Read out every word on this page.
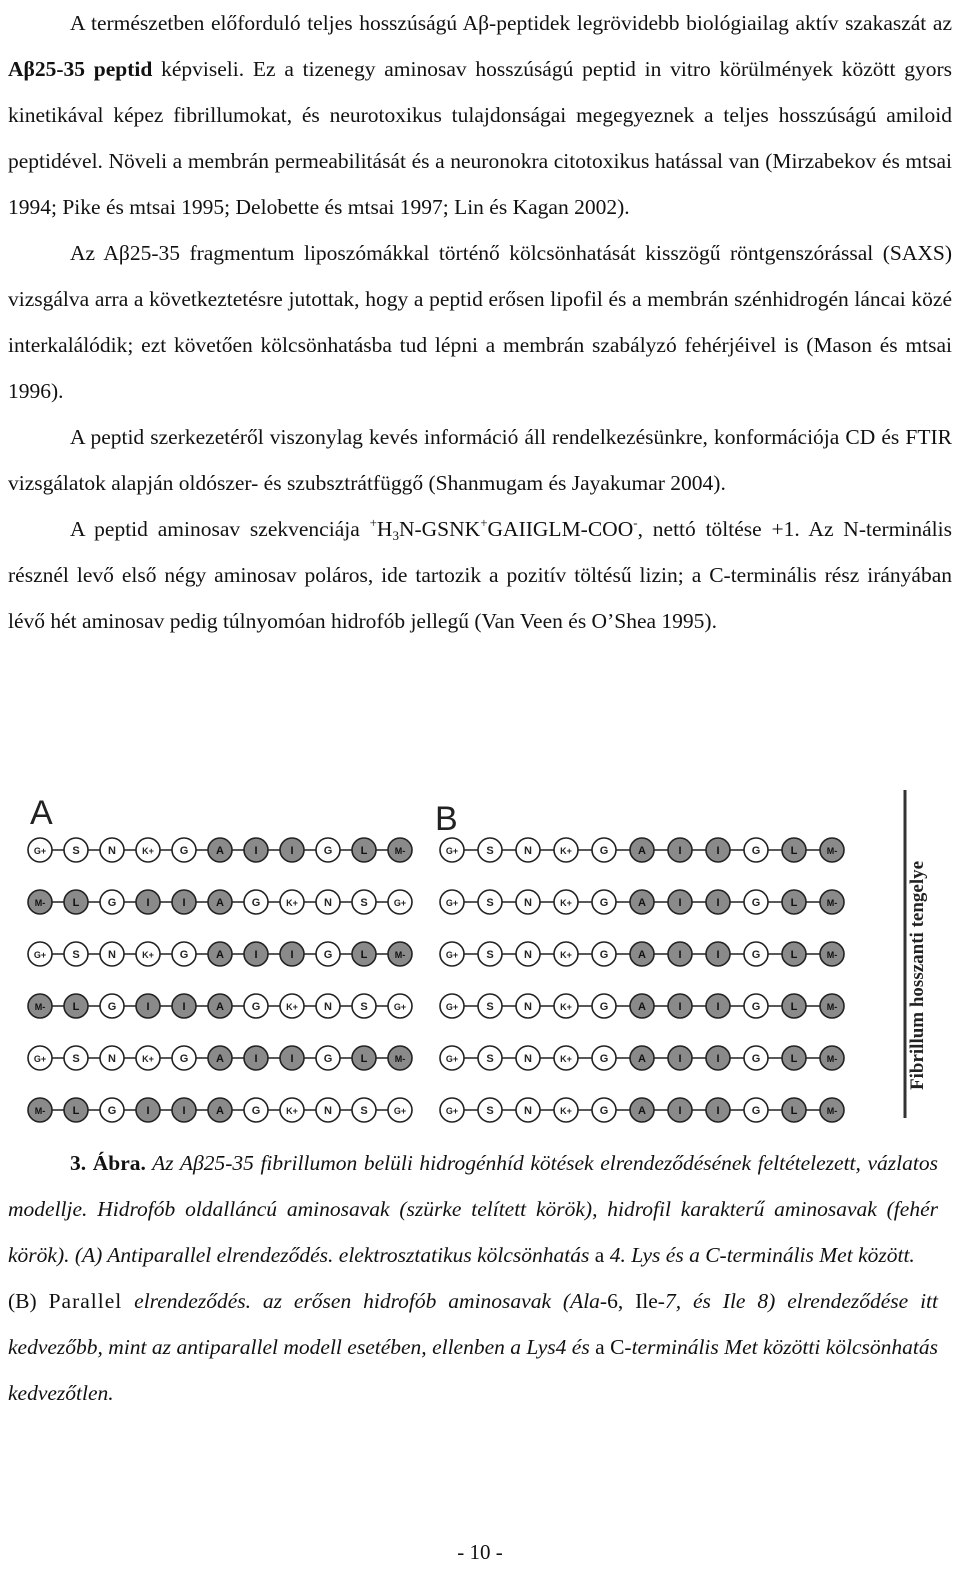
A természetben előforduló teljes hosszúságú Aβ-peptidek legrövidebb biológiailag aktív szakaszát az Aβ25-35 peptid képviseli. Ez a tizenegy aminosav hosszúságú peptid in vitro körülmények között gyors kinetikával képez fibrillumokat, és neurotoxikus tulajdonságai megegyeznek a teljes hosszúságú amiloid peptidével. Növeli a membrán permeabilitását és a neuronokra citotoxikus hatással van (Mirzabekov és mtsai 1994; Pike és mtsai 1995; Delobette és mtsai 1997; Lin és Kagan 2002).

Az Aβ25-35 fragmentum liposzómákkal történő kölcsönhatását kisszögű röntgenszórással (SAXS) vizsgálva arra a következtetésre jutottak, hogy a peptid erősen lipofil és a membrán szénhidrogén láncai közé interkalálódik; ezt követően kölcsönhatásba tud lépni a membrán szabályzó fehérjéivel is (Mason és mtsai 1996).

A peptid szerkezetéről viszonylag kevés információ áll rendelkezésünkre, konformációja CD és FTIR vizsgálatok alapján oldószer- és szubsztrátfüggő (Shanmugam és Jayakumar 2004).

A peptid aminosav szekvenciája $^+H_3N-GSNK^+GAIIGLM-COO^-$, nettó töltése +1. Az N-terminális résznél levő első négy aminosav poláros, ide tartozik a pozitív töltésű lizin; a C-terminális rész irányában lévő hét aminosav pedig túlnyomóan hidrofób jellegű (Van Veen és O’Shea 1995).

A	B
G+ S	N	K+ G	A	I	I	G	L	M-
M- L	G	I	I	A	G	K+ N	S	G+
G+ S	N	K+ G	A	I	I	G	L	M-
M- L	G	I	I	A	G	K+ N	S	G+
G+ S	N	K+ G	A	I	I	G	L	M-
M- L	G	I	I	A	G	K+ N	S	G+
G+	S	N	K+	G	A	I	I	G	L	M-
G+	S	N	K+	G	A	I	I	G	L	M-
G+	S	N	K+	G	A	I	I	G	L	M-
G+	S	N	K+	G	A	I	I	G	L	M-
G+	S	N	K+	G	A	I	I	G	L	M-
G+	S	N	K+	G	A	I	I	G	L	M-
Fibrillum hosszanti tengelye

3. Ábra. Az Aβ25-35 fibrillumon belüli hidrogénhíd kötések elrendeződésének feltételezett, vázlatos modellje. Hidrofób oldalláncú aminosavak (szürke telített körök), hidrofil karakterű aminosavak (fehér körök). (A) Antiparallel elrendeződés. elektrosztatikus kölcsönhatás a 4. Lys és a C-terminális Met között.

(B) Parallel elrendeződés. az erősen hidrofób aminosavak (Ala-6, Ile-7, és Ile 8) elrendeződése itt kedvezőbb, mint az antiparallel modell esetében, ellenben a Lys4 és a C-terminális Met közötti kölcsönhatás kedvezőtlen.

- 10 -
